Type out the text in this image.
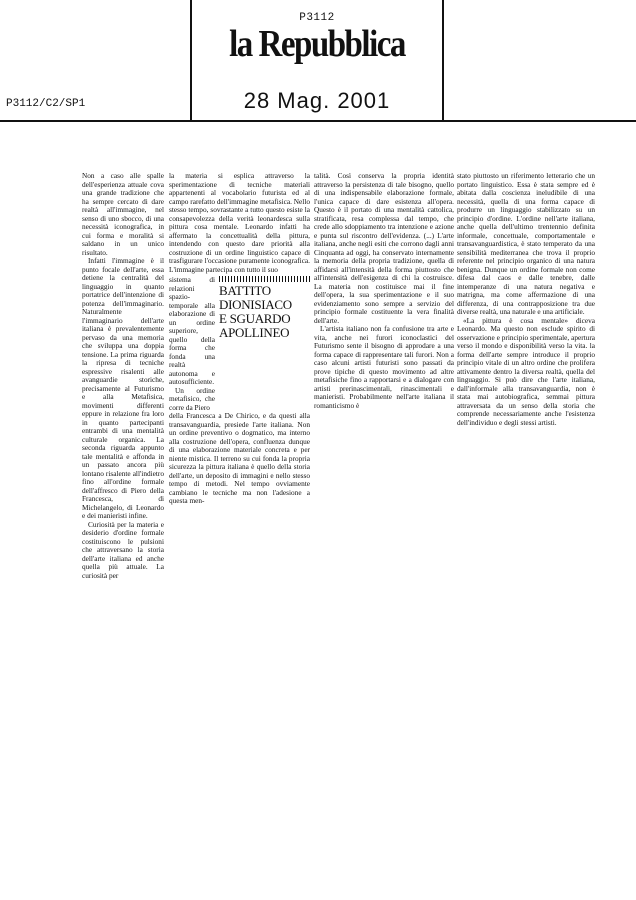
P3112
la Repubblica
28 Mag. 2001
P3112/C2/SP1

Non a caso alle spalle dell'esperienza attuale cova una grande tradizione che ha sempre cercato di dare realtà all'immagine, nel senso di uno sbocco, di una necessità iconografica, in cui forma e moralità si saldano in un unico risultato.

Infatti l'immagine è il punto focale dell'arte, essa detiene la centralità del linguaggio in quanto portatrice dell'intenzione di potenza dell'immaginario. Naturalmente l'immaginario dell'arte italiana è prevalentemente pervaso da una memoria che sviluppa una doppia tensione. La prima riguarda la ripresa di tecniche espressive risalenti alle avanguardie storiche, precisamente al Futurismo e alla Metafisica, movimenti differenti eppure in relazione fra loro in quanto partecipanti entrambi di una mentalità culturale organica. La seconda riguarda appunto tale mentalità e affonda in un passato ancora più lontano risalente all'indietro fino all'ordine formale dell'affresco di Piero della Francesca, di Michelangelo, di Leonardo e dei manieristi infine.

Curiosità per la materia e desiderio d'ordine formale costituiscono le pulsioni che attraversano la storia dell'arte italiana ed anche quella più attuale. La curiosità per

la materia si esplica attraverso la sperimentazione di tecniche materiali appartenenti al vocabolario futurista ed al campo rarefatto dell'immagine metafisica. Nello stesso tempo, sovrastante a tutto questo esiste la consapevolezza della verità leonardesca sulla pittura cosa mentale. Leonardo infatti ha affermato la concettualità della pittura, intendendo con questo dare priorità alla costruzione di un ordine linguistico capace di trasfigurare l'occasione puramente iconografica. L'immagine partecipa con tutto il suo

sistema di relazioni spazio-temporale alla elaborazione di un ordine superiore, quello della forma che fonda una realtà autonoma e autosufficiente.

Un ordine metafisico, che corre da Piero

BATTITO
DIONISIACO
E SGUARDO
APOLLINEO

della Francesca a De Chirico, e da questi alla transavanguardia, presiede l'arte italiana. Non un ordine preventivo o dogmatico, ma interno alla costruzione dell'opera, confluenza dunque di una elaborazione materiale concreta e per niente mistica. Il terreno su cui fonda la propria sicurezza la pittura italiana è quello della storia dell'arte, un deposito di immagini e nello stesso tempo di metodi. Nel tempo ovviamente cambiano le tecniche ma non l'adesione a questa men-

talità. Così conserva la propria identità attraverso la persistenza di tale bisogno, quello di una indispensabile elaborazione formale, l'unica capace di dare esistenza all'opera. Questo è il portato di una mentalità cattolica, stratificata, resa complessa dal tempo, che crede allo sdoppiamento tra intenzione e azione e punta sul riscontro dell'evidenza. (...) L'arte italiana, anche negli esiti che corrono dagli anni Cinquanta ad oggi, ha conservato internamente la memoria della propria tradizione, quella di affidarsi all'intensità della forma piuttosto che all'intensità dell'esigenza di chi la costruisce. La materia non costituisce mai il fine dell'opera, la sua sperimentazione e il suo evidenziamento sono sempre a servizio del principio formale costituente la vera finalità dell'arte.

L'artista italiano non fa confusione tra arte e vita, anche nei furori iconoclastici del Futurismo sente il bisogno di approdare a una forma capace di rappresentare tali furori. Non a caso alcuni artisti futuristi sono passati da prove tipiche di questo movimento ad altre metafisiche fino a rapportarsi e a dialogare con artisti prerinascimentali, rinascimentali e manieristi. Probabilmente nell'arte italiana il romanticismo è

stato piuttosto un riferimento letterario che un portato linguistico. Essa è stata sempre ed è abitata dalla coscienza ineludibile di una necessità, quella di una forma capace di produrre un linguaggio stabilizzato su un principio d'ordine. L'ordine nell'arte italiana, anche quella dell'ultimo trentennio definita informale, concettuale, comportamentale e transavanguardistica, è stato temperato da una sensibilità mediterranea che trova il proprio referente nel principio organico di una natura benigna. Dunque un ordine formale non come difesa dal caos e dalle tenebre, dalle intemperanze di una natura negativa e matrigna, ma come affermazione di una differenza, di una contrapposizione tra due diverse realtà, una naturale e una artificiale.

«La pittura è cosa mentale» diceva Leonardo. Ma questo non esclude spirito di osservazione e principio sperimentale, apertura verso il mondo e disponibilità verso la vita. la forma dell'arte sempre introduce il proprio principio vitale di un altro ordine che prolifera attivamente dentro la diversa realtà, quella del linguaggio. Si può dire che l'arte italiana, dall'informale alla transavanguardia, non è stata mai autobiografica, semmai pittura attraversata da un senso della storia che comprende necessariamente anche l'esistenza dell'individuo e degli stessi artisti.
